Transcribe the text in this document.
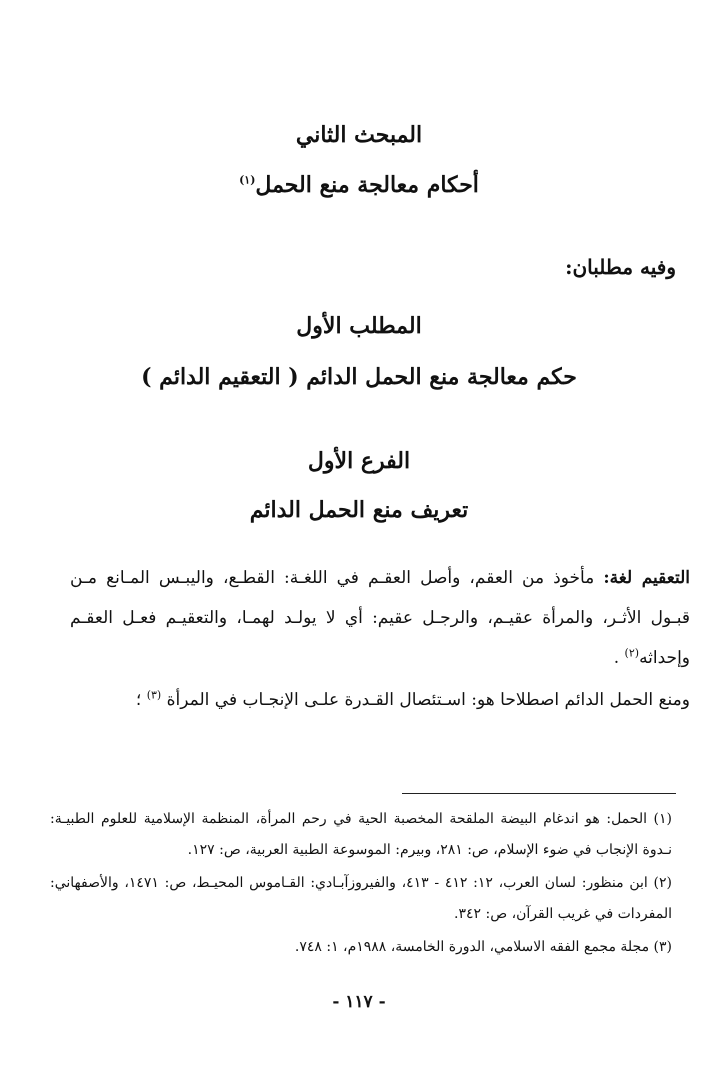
المبحث الثاني
أحكام معالجة منع الحمل$^{(١)}$
وفيه مطلبان:
المطلب الأول
حكم معالجة منع الحمل الدائم ( التعقيم الدائم )
الفرع الأول
تعريف منع الحمل الدائم
التعقيم لغة: مأخوذ من العقم، وأصل العقـم في اللغـة: القطـع، واليبـس المـانع مـن قبـول الأثـر، والمرأة عقيـم، والرجـل عقيم: أي لا يولـد لهمـا، والتعقيـم فعـل العقـم وإحداثه$^{(٢)}$ .
ومنع الحمل الدائم اصطلاحا هو: اسـتئصال القـدرة علـى الإنجـاب في المرأة $^{(٣)}$ ؛
(١) الحمل: هو اندغام البيضة الملقحة المخصبة الحية في رحم المرأة، المنظمة الإسلامية للعلوم الطبيـة: نـدوة الإنجاب في ضوء الإسلام، ص: ٢٨١، وبيرم: الموسوعة الطبية العربية، ص: ١٢٧.
(٢) ابن منظور: لسان العرب، ١٢: ٤١٢ - ٤١٣، والفيروزآبـادي: القـاموس المحيـط، ص: ١٤٧١، والأصفهاني: المفردات في غريب القرآن، ص: ٣٤٢.
(٣) مجلة مجمع الفقه الاسلامي، الدورة الخامسة، ١٩٨٨م، ١: ٧٤٨.
- ١١٧ -
